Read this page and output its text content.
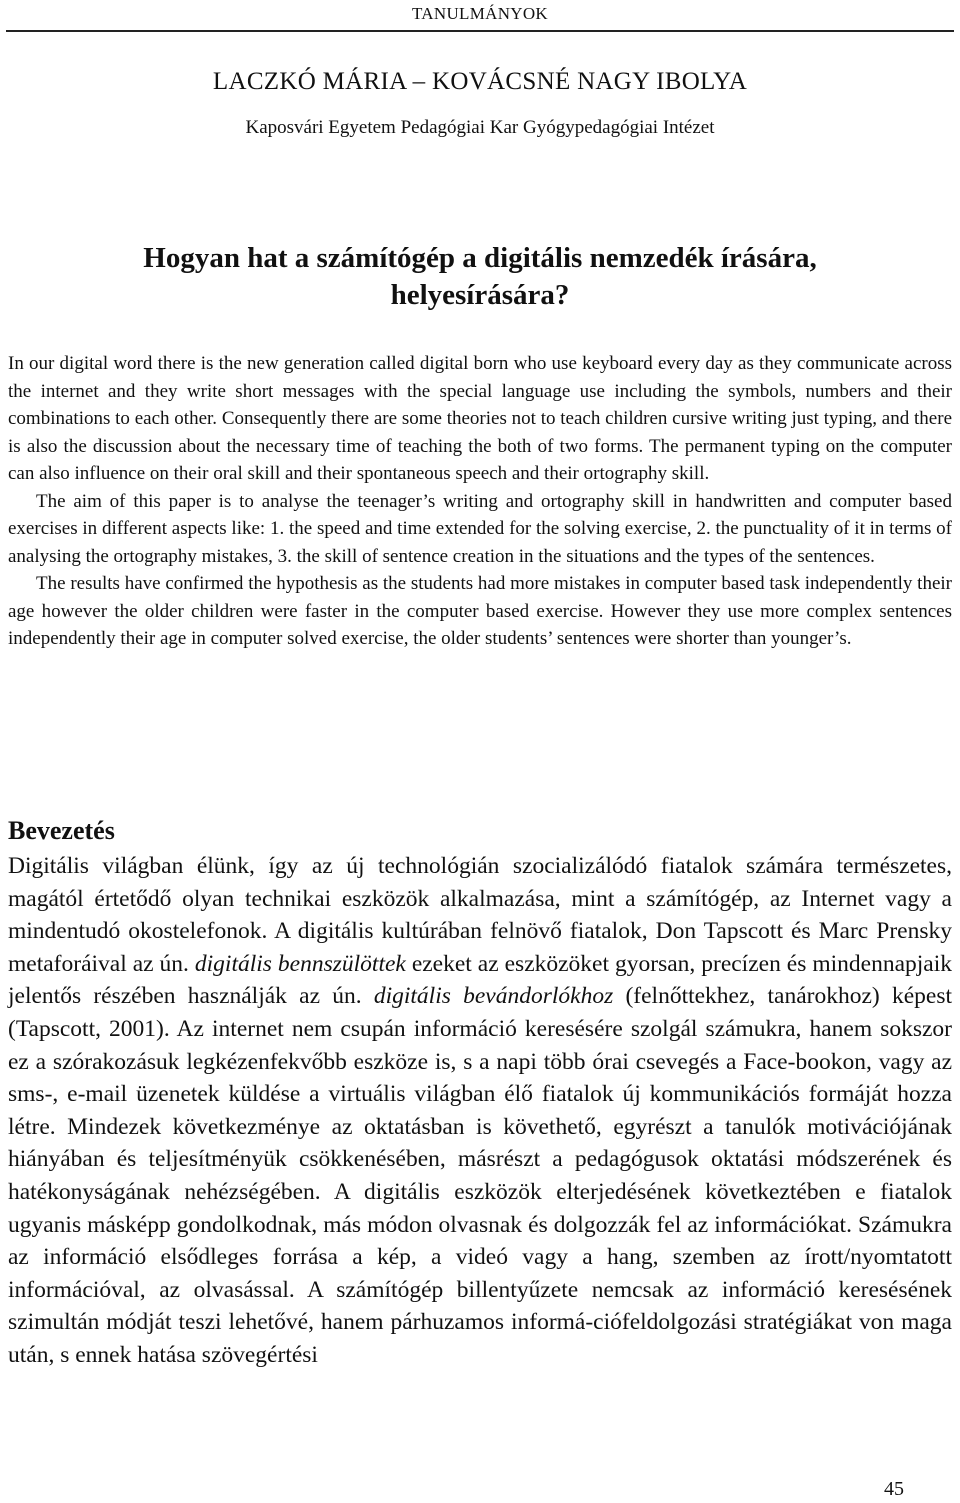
TANULMÁNYOK
LACZKÓ MÁRIA – KOVÁCSNÉ NAGY IBOLYA
Kaposvári Egyetem Pedagógiai Kar Gyógypedagógiai Intézet
Hogyan hat a számítógép a digitális nemzedék írására,
helyesírására?

In our digital word there is the new generation called digital born who use keyboard every day as they communicate across the internet and they write short messages with the special language use including the symbols, numbers and their combinations to each other. Consequently there are some theories not to teach children cursive writing just typing, and there is also the discussion about the necessary time of teaching the both of two forms. The permanent typing on the computer can also influence on their oral skill and their spontaneous speech and their ortography skill.

The aim of this paper is to analyse the teenager’s writing and ortography skill in handwritten and computer based exercises in different aspects like: 1. the speed and time extended for the solving exercise, 2. the punctuality of it in terms of analysing the ortography mistakes, 3. the skill of sentence creation in the situations and the types of the sentences.

The results have confirmed the hypothesis as the students had more mistakes in computer based task independently their age however the older children were faster in the computer based exercise. However they use more complex sentences independently their age in computer solved exercise, the older students’ sentences were shorter than younger’s.

Bevezetés

Digitális világban élünk, így az új technológián szocializálódó fiatalok számára természetes, magától értetődő olyan technikai eszközök alkalmazása, mint a számítógép, az Internet vagy a mindentudó okostelefonok. A digitális kultúrában felnövő fiatalok, Don Tapscott és Marc Prensky metaforáival az ún. digitális bennszülöttek ezeket az eszközöket gyorsan, precízen és mindennapjaik jelentős részében használják az ún. digitális bevándorlókhoz (felnőttekhez, tanárokhoz) képest (Tapscott, 2001). Az internet nem csupán információ keresésére szolgál számukra, hanem sokszor ez a szórakozásuk legkézenfekvőbb eszköze is, s a napi több órai csevegés a Face-bookon, vagy az sms-, e-mail üzenetek küldése a virtuális világban élő fiatalok új kommunikációs formáját hozza létre. Mindezek következménye az oktatásban is követhető, egyrészt a tanulók motivációjának hiányában és teljesítményük csökkenésében, másrészt a pedagógusok oktatási módszerének és hatékonyságának nehézségében. A digitális eszközök elterjedésének következtében e fiatalok ugyanis másképp gondolkodnak, más módon olvasnak és dolgozzák fel az információkat. Számukra az információ elsődleges forrása a kép, a videó vagy a hang, szemben az írott/nyomtatott információval, az olvasással. A számítógép billentyűzete nemcsak az információ keresésének szimultán módját teszi lehetővé, hanem párhuzamos informá-ciófeldolgozási stratégiákat von maga után, s ennek hatása szövegértési

45
